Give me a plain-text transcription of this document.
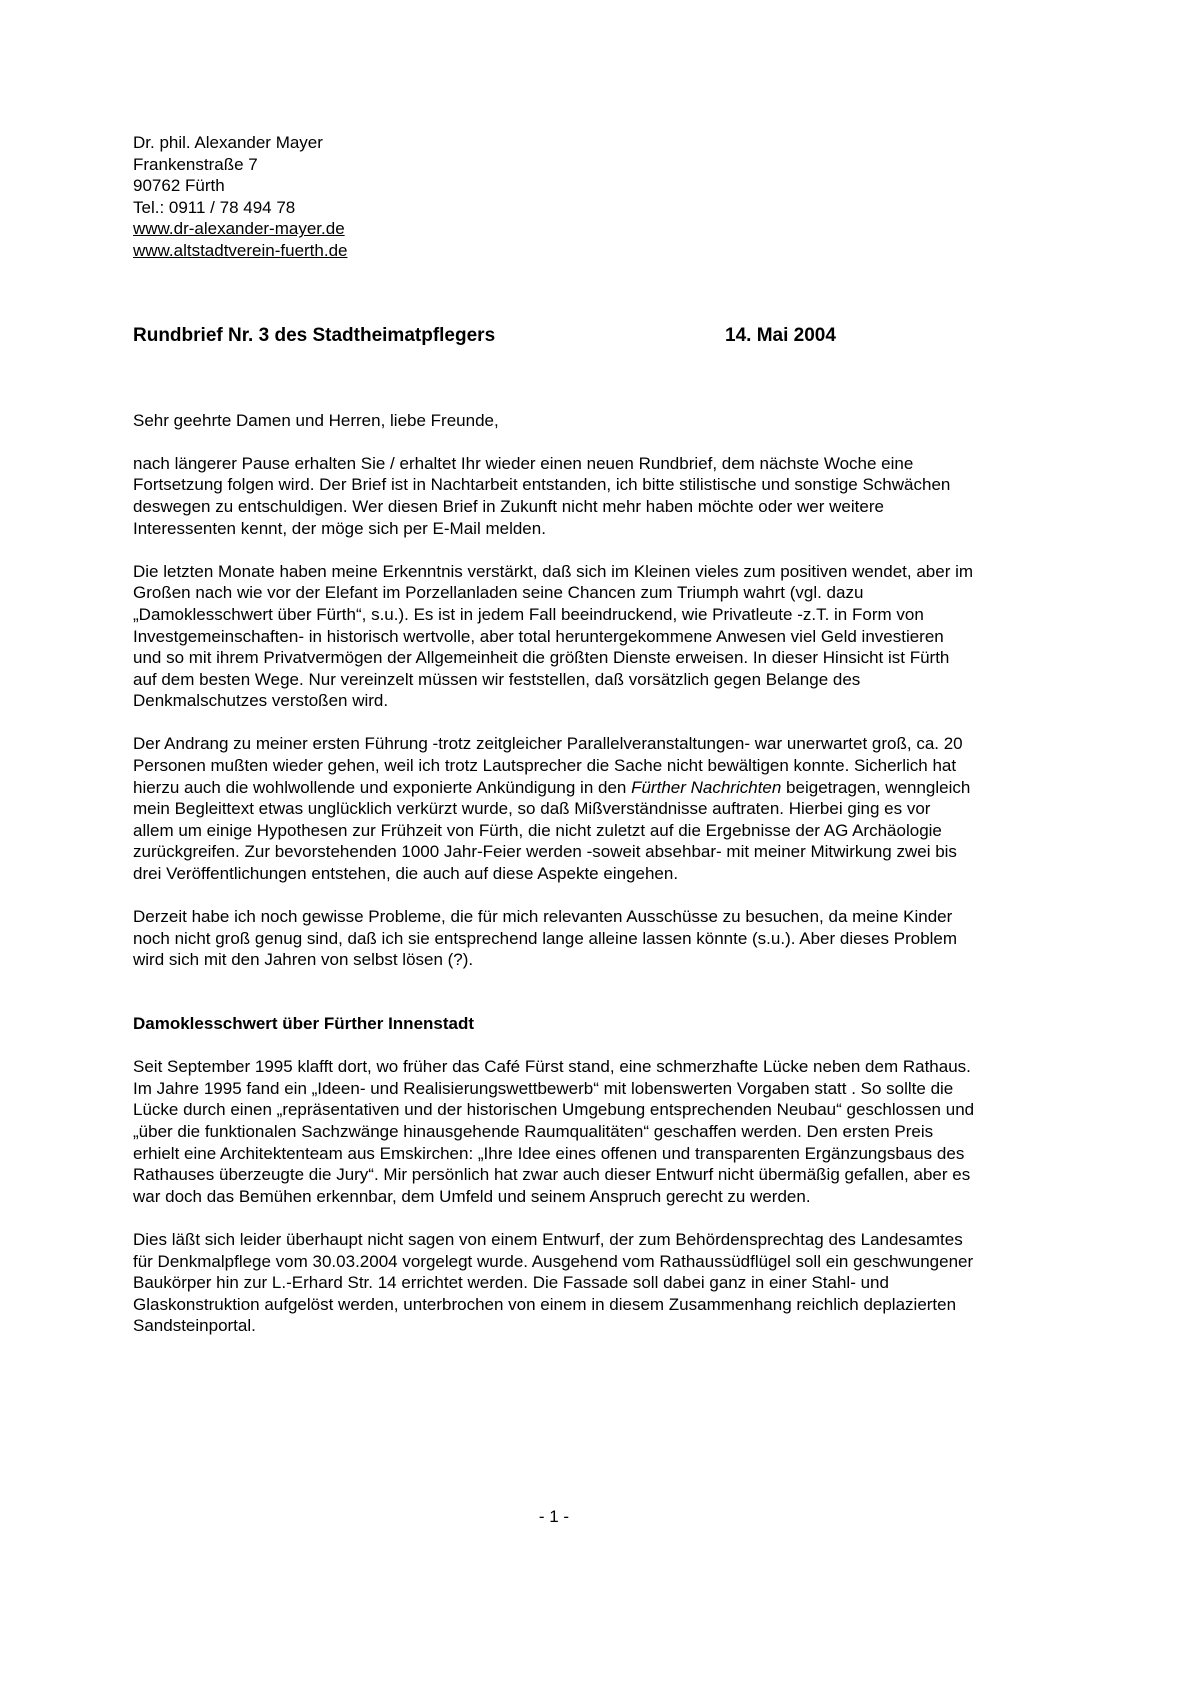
Dr. phil. Alexander Mayer
Frankenstraße 7
90762 Fürth
Tel.: 0911 / 78 494 78
www.dr-alexander-mayer.de
www.altstadtverein-fuerth.de
Rundbrief Nr. 3 des Stadtheimatpflegers	14. Mai 2004

Sehr geehrte Damen und Herren, liebe Freunde,

nach längerer Pause erhalten Sie / erhaltet Ihr wieder einen neuen Rundbrief, dem nächste Woche eine Fortsetzung folgen wird. Der Brief ist in Nachtarbeit entstanden, ich bitte stilistische und sonstige Schwächen deswegen zu entschuldigen. Wer diesen Brief in Zukunft nicht mehr haben möchte oder wer weitere Interessenten kennt, der möge sich per E-Mail melden.

Die letzten Monate haben meine Erkenntnis verstärkt, daß sich im Kleinen vieles zum positiven wendet, aber im Großen nach wie vor der Elefant im Porzellanladen seine Chancen zum Triumph wahrt (vgl. dazu „Damoklesschwert über Fürth“, s.u.). Es ist in jedem Fall beeindruckend, wie Privatleute -z.T. in Form von Investgemeinschaften- in historisch wertvolle, aber total heruntergekommene Anwesen viel Geld investieren und so mit ihrem Privatvermögen der Allgemeinheit die größten Dienste erweisen. In dieser Hinsicht ist Fürth auf dem besten Wege. Nur vereinzelt müssen wir feststellen, daß vorsätzlich gegen Belange des Denkmalschutzes verstoßen wird.

Der Andrang zu meiner ersten Führung -trotz zeitgleicher Parallelveranstaltungen- war unerwartet groß, ca. 20 Personen mußten wieder gehen, weil ich trotz Lautsprecher die Sache nicht bewältigen konnte. Sicherlich hat hierzu auch die wohlwollende und exponierte Ankündigung in den Fürther Nachrichten beigetragen, wenngleich mein Begleittext etwas unglücklich verkürzt wurde, so daß Mißverständnisse auftraten. Hierbei ging es vor allem um einige Hypothesen zur Frühzeit von Fürth, die nicht zuletzt auf die Ergebnisse der AG Archäologie zurückgreifen. Zur bevorstehenden 1000 Jahr-Feier werden -soweit absehbar- mit meiner Mitwirkung zwei bis drei Veröffentlichungen entstehen, die auch auf diese Aspekte eingehen.

Derzeit habe ich noch gewisse Probleme, die für mich relevanten Ausschüsse zu besuchen, da meine Kinder noch nicht groß genug sind, daß ich sie entsprechend lange alleine lassen könnte (s.u.). Aber dieses Problem wird sich mit den Jahren von selbst lösen (?).

Damoklesschwert über Fürther Innenstadt

Seit September 1995 klafft dort, wo früher das Café Fürst stand, eine schmerzhafte Lücke neben dem Rathaus. Im Jahre 1995 fand ein „Ideen- und Realisierungswettbewerb“ mit lobenswerten Vorgaben statt . So sollte die Lücke durch einen „repräsentativen und der historischen Umgebung entsprechenden Neubau“ geschlossen und „über die funktionalen Sachzwänge hinausgehende Raumqualitäten“ geschaffen werden. Den ersten Preis erhielt eine Architektenteam aus Emskirchen: „Ihre Idee eines offenen und transparenten Ergänzungsbaus des Rathauses überzeugte die Jury“. Mir persönlich hat zwar auch dieser Entwurf nicht übermäßig gefallen, aber es war doch das Bemühen erkennbar, dem Umfeld und seinem Anspruch gerecht zu werden.

Dies läßt sich leider überhaupt nicht sagen von einem Entwurf, der zum Behördensprechtag des Landesamtes für Denkmalpflege vom 30.03.2004 vorgelegt wurde. Ausgehend vom Rathaussüdflügel soll ein geschwungener Baukörper hin zur L.-Erhard Str. 14 errichtet werden. Die Fassade soll dabei ganz in einer Stahl- und Glaskonstruktion aufgelöst werden, unterbrochen von einem in diesem Zusammenhang reichlich deplazierten Sandsteinportal.

- 1 -
